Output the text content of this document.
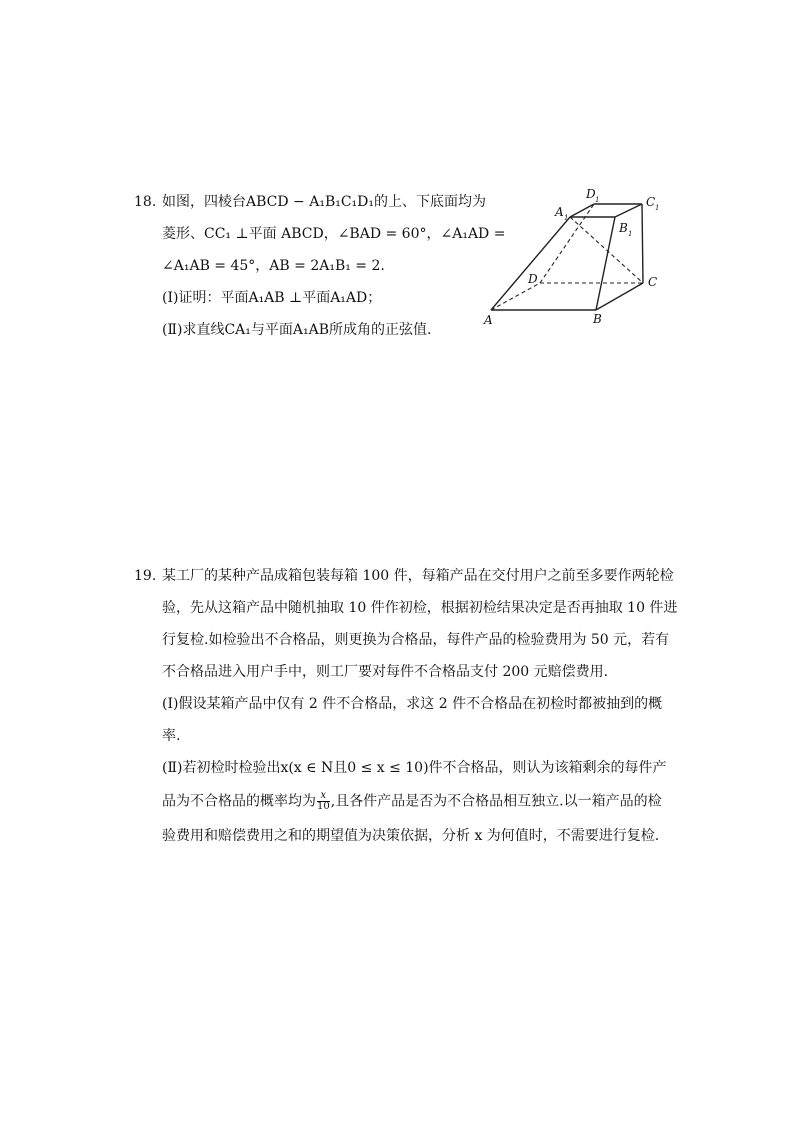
18. 如图，四棱台ABCD − A₁B₁C₁D₁的上、下底面均为
菱形、CC₁ ⊥平面 ABCD，∠BAD = 60°，∠A₁AD =
∠A₁AB = 45°，AB = 2A₁B₁ = 2.
(Ⅰ)证明：平面A₁AB ⊥平面A₁AD；
(Ⅱ)求直线CA₁与平面A₁AB所成角的正弦值.
A	B
C
D
A 1
B 1
C 1
D 1
19. 某工厂的某种产品成箱包装每箱 100 件，每箱产品在交付用户之前至多要作两轮检
验，先从这箱产品中随机抽取 10 件作初检，根据初检结果决定是否再抽取 10 件进
行复检.如检验出不合格品，则更换为合格品，每件产品的检验费用为 50 元，若有
不合格品进入用户手中，则工厂要对每件不合格品支付 200 元赔偿费用.
(Ⅰ)假设某箱产品中仅有 2 件不合格品，求这 2 件不合格品在初检时都被抽到的概
率.
(Ⅱ)若初检时检验出x(x ∈ N且0 ≤ x ≤ 10)件不合格品，则认为该箱剩余的每件产
品为不合格品的概率均为 $\frac{x}{10}$ ,且各件产品是否为不合格品相互独立.以一箱产品的检
验费用和赔偿费用之和的期望值为决策依据，分析 x 为何值时，不需要进行复检.
